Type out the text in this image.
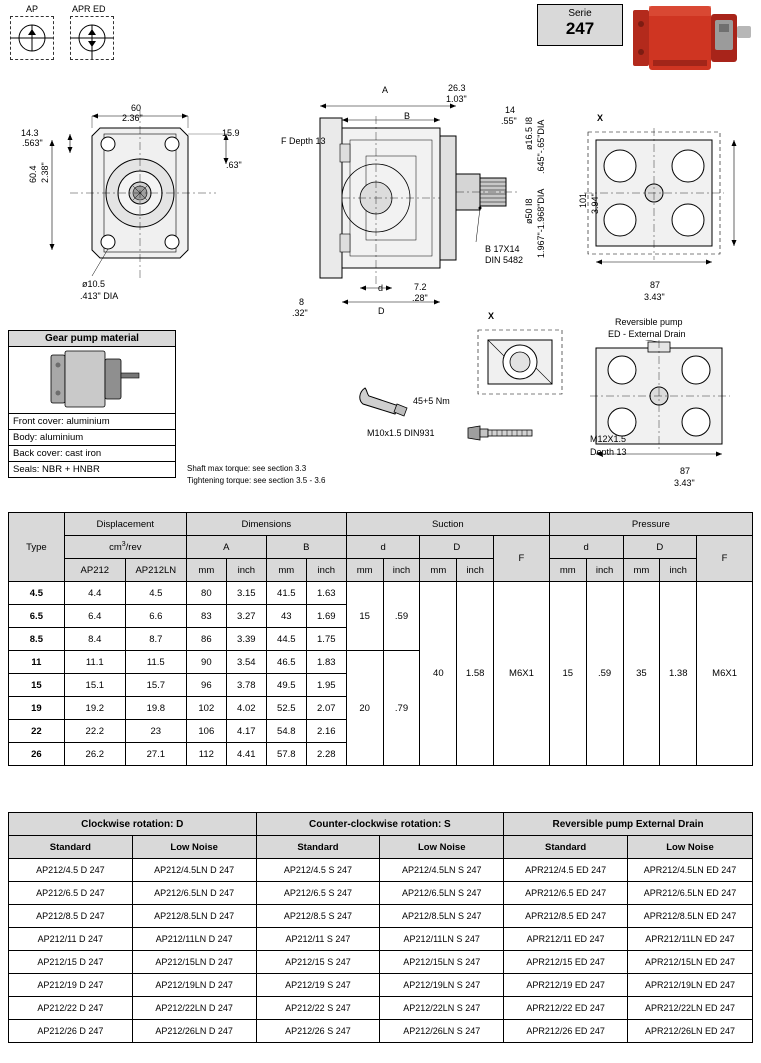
Serie
247
AP	APR ED
60
2.36"
14.3
.563"
60.4 2.38"
15.9
.63"
ø10.5
.413" DIA
A
B
26.3
1.03"
14
.55" ø16.5 I8 .645"-.65"DIA
ø50 I8 1.967"-1.968"DIA
F Depth 13
B 17X14
DIN 5482
d
D
8
.32"
7.2
.28"
X
X
101 3.94"
87
3.43"
Reversible pump
ED - External Drain
M12X1.5
Depth 13
87
3.43"
45+5 Nm
M10x1.5 DIN931
Shaft max torque: see section 3.3
Tightening torque: see section 3.5 - 3.6
Gear pump material
Front cover: aluminium
Body: aluminium
Back cover: cast iron
Seals: NBR + HNBR
Type	Displacement		Dimensions				Suction					Pressure				
	$cm^3$/rev		A		B		d		D		F	d		D		F
	AP212	AP212LN	mm	inch	mm	inch	mm	inch	mm	inch		mm	inch	mm	inch	
4.5	4.4	4.5	80	3.15	41.5	1.63	15	.59	40	1.58	M6X1	15	.59	35	1.38	M6X1
6.5	6.4	6.6	83	3.27	43	1.69										
8.5	8.4	8.7	86	3.39	44.5	1.75										
11	11.1	11.5	90	3.54	46.5	1.83	20	.79								
15	15.1	15.7	96	3.78	49.5	1.95										
19	19.2	19.8	102	4.02	52.5	2.07										
22	22.2	23	106	4.17	54.8	2.16										
26	26.2	27.1	112	4.41	57.8	2.28										
Clockwise rotation: D		Counter-clockwise rotation: S		Reversible pump External Drain	
Standard	Low Noise	Standard	Low Noise	Standard	Low Noise
AP212/4.5 D 247	AP212/4.5LN D 247	AP212/4.5 S 247	AP212/4.5LN S 247	APR212/4.5 ED 247	APR212/4.5LN ED 247
AP212/6.5 D 247	AP212/6.5LN D 247	AP212/6.5 S 247	AP212/6.5LN S 247	APR212/6.5 ED 247	APR212/6.5LN ED 247
AP212/8.5 D 247	AP212/8.5LN D 247	AP212/8.5 S 247	AP212/8.5LN S 247	APR212/8.5 ED 247	APR212/8.5LN ED 247
AP212/11 D 247	AP212/11LN D 247	AP212/11 S 247	AP212/11LN S 247	APR212/11 ED 247	APR212/11LN ED 247
AP212/15 D 247	AP212/15LN D 247	AP212/15 S 247	AP212/15LN S 247	APR212/15 ED 247	APR212/15LN ED 247
AP212/19 D 247	AP212/19LN D 247	AP212/19 S 247	AP212/19LN S 247	APR212/19 ED 247	APR212/19LN ED 247
AP212/22 D 247	AP212/22LN D 247	AP212/22 S 247	AP212/22LN S 247	APR212/22 ED 247	APR212/22LN ED 247
AP212/26 D 247	AP212/26LN D 247	AP212/26 S 247	AP212/26LN S 247	APR212/26 ED 247	APR212/26LN ED 247
